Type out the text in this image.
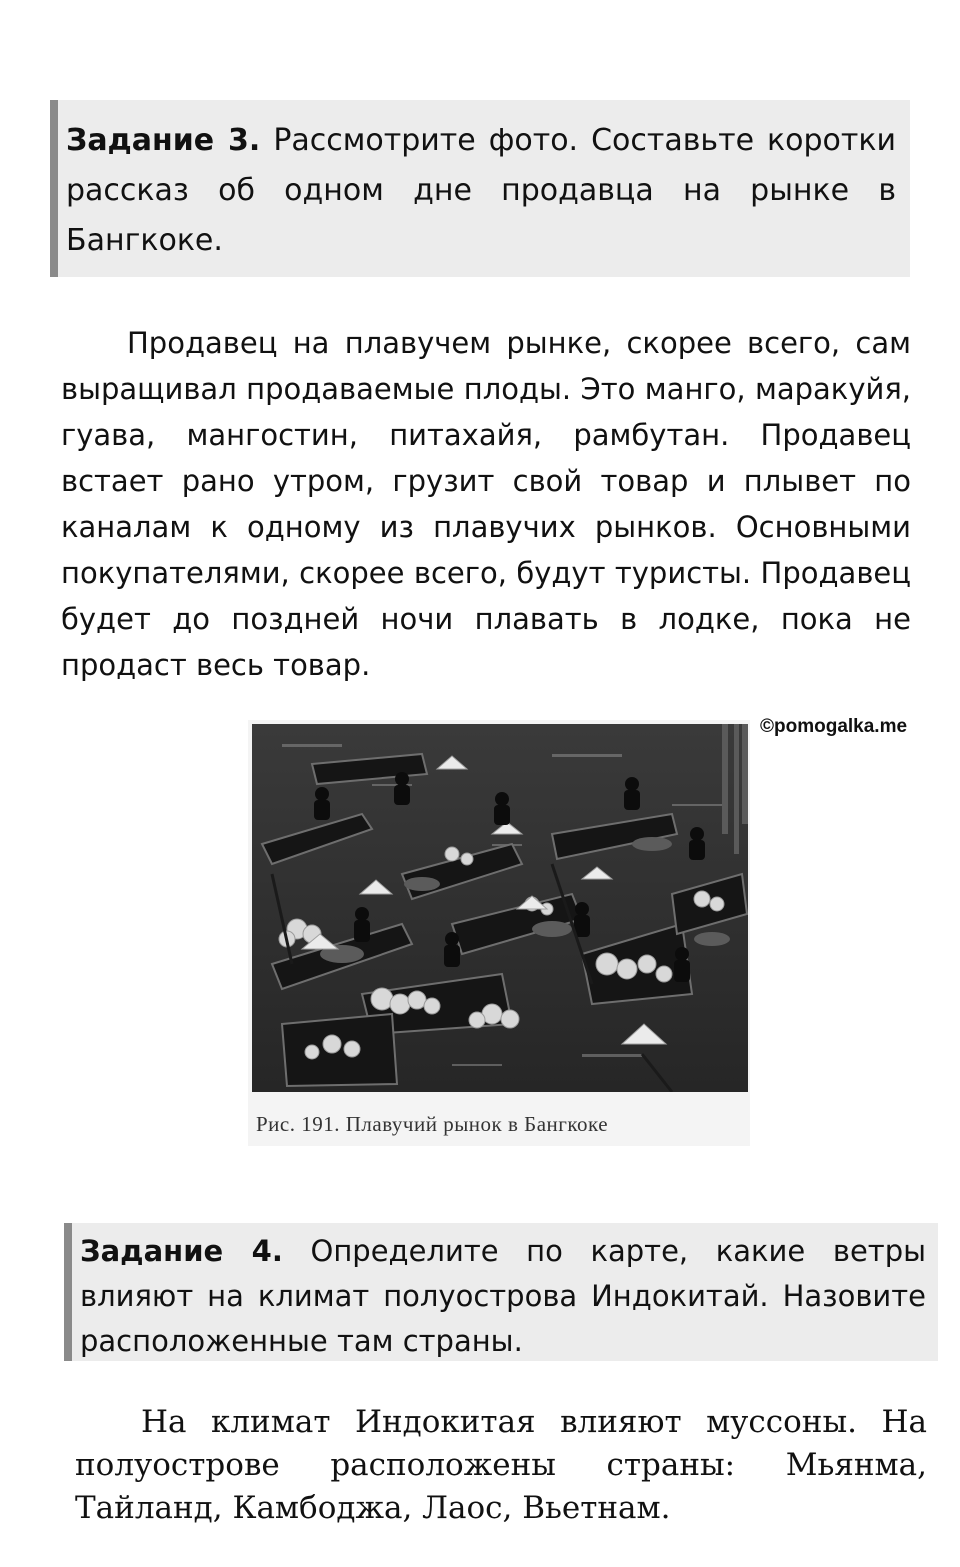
Задание 3. Рассмотрите фото. Составьте коротки рассказ об одном дне продавца на рынке в Бангкоке.

Продавец на плавучем рынке, скорее всего, сам выращивал продаваемые плоды. Это манго, маракуйя, гуава, мангостин, питахайя, рамбутан. Продавец встает рано утром, грузит свой товар и плывет по каналам к одному из плавучих рынков. Основными покупателями, скорее всего, будут туристы. Продавец будет до поздней ночи плавать в лодке, пока не продаст весь товар.

©pomogalka.me
Рис. 191. Плавучий рынок в Бангкоке
Задание 4. Определите по карте, какие ветры влияют на климат полуострова Индокитай. Назовите расположенные там страны.

На климат Индокитая влияют муссоны. На полуострове расположены страны: Мьянма, Тайланд, Камбоджа, Лаос, Вьетнам.
